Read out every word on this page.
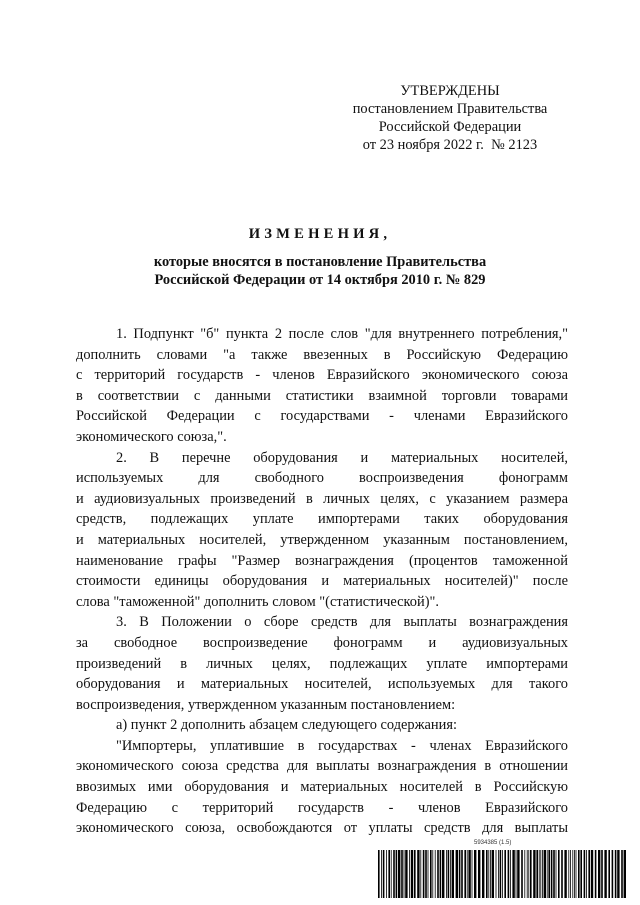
УТВЕРЖДЕНЫ
постановлением Правительства
Российской Федерации
от 23 ноября 2022 г.  № 2123
ИЗМЕНЕНИЯ,
которые вносятся в постановление Правительства
Российской Федерации от 14 октября 2010 г. № 829
1. Подпункт "б" пункта 2 после слов "для внутреннего потребления,"
дополнить словами "а также ввезенных в Российскую Федерацию
с территорий государств - членов Евразийского экономического союза
в соответствии с данными статистики взаимной торговли товарами
Российской Федерации с государствами - членами Евразийского
экономического союза,".
2. В перечне оборудования и материальных носителей,
используемых для свободного воспроизведения фонограмм
и аудиовизуальных произведений в личных целях, с указанием размера
средств, подлежащих уплате импортерами таких оборудования
и материальных носителей, утвержденном указанным постановлением,
наименование графы "Размер вознаграждения (процентов таможенной
стоимости единицы оборудования и материальных носителей)" после
слова "таможенной" дополнить словом "(статистической)".
3. В Положении о сборе средств для выплаты вознаграждения
за свободное воспроизведение фонограмм и аудиовизуальных
произведений в личных целях, подлежащих уплате импортерами
оборудования и материальных носителей, используемых для такого
воспроизведения, утвержденном указанным постановлением:
а) пункт 2 дополнить абзацем следующего содержания:
"Импортеры, уплатившие в государствах - членах Евразийского
экономического союза средства для выплаты вознаграждения в отношении
ввозимых ими оборудования и материальных носителей в Российскую
Федерацию с территорий государств - членов Евразийского
экономического союза, освобождаются от уплаты средств для выплаты
5934385 (1.5)
